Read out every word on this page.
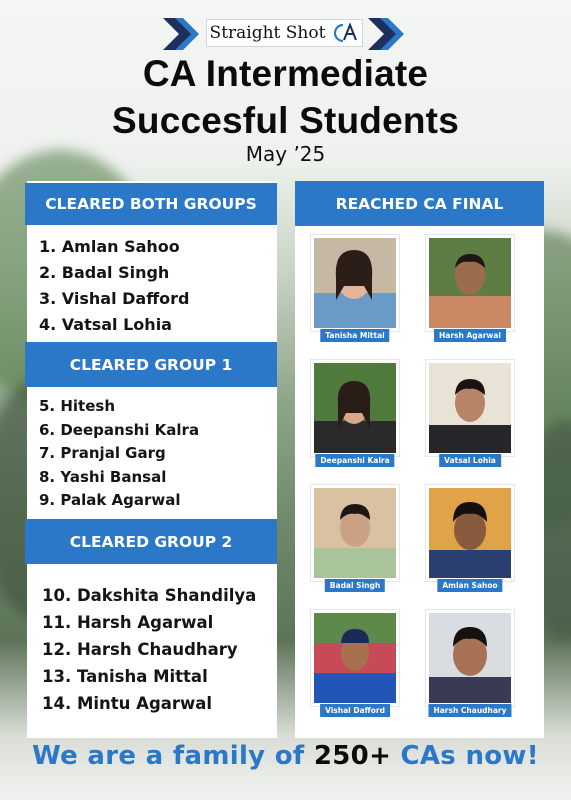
Straight Shot
CA Intermediate
Succesful Students
May ’25
CLEARED BOTH GROUPS
1. Amlan Sahoo
2. Badal Singh
3. Vishal Dafford
4. Vatsal Lohia
CLEARED GROUP 1
5. Hitesh
6. Deepanshi Kalra
7. Pranjal Garg
8. Yashi Bansal
9. Palak Agarwal
CLEARED GROUP 2
10. Dakshita Shandilya
11. Harsh Agarwal
12. Harsh Chaudhary
13. Tanisha Mittal
14. Mintu Agarwal
REACHED CA FINAL
Tanisha Mittal	Harsh Agarwal
Deepanshi Kalra	Vatsal Lohia
Badal Singh	Amlan Sahoo
Vishal Dafford	Harsh Chaudhary
We are a family of 250+ CAs now!
